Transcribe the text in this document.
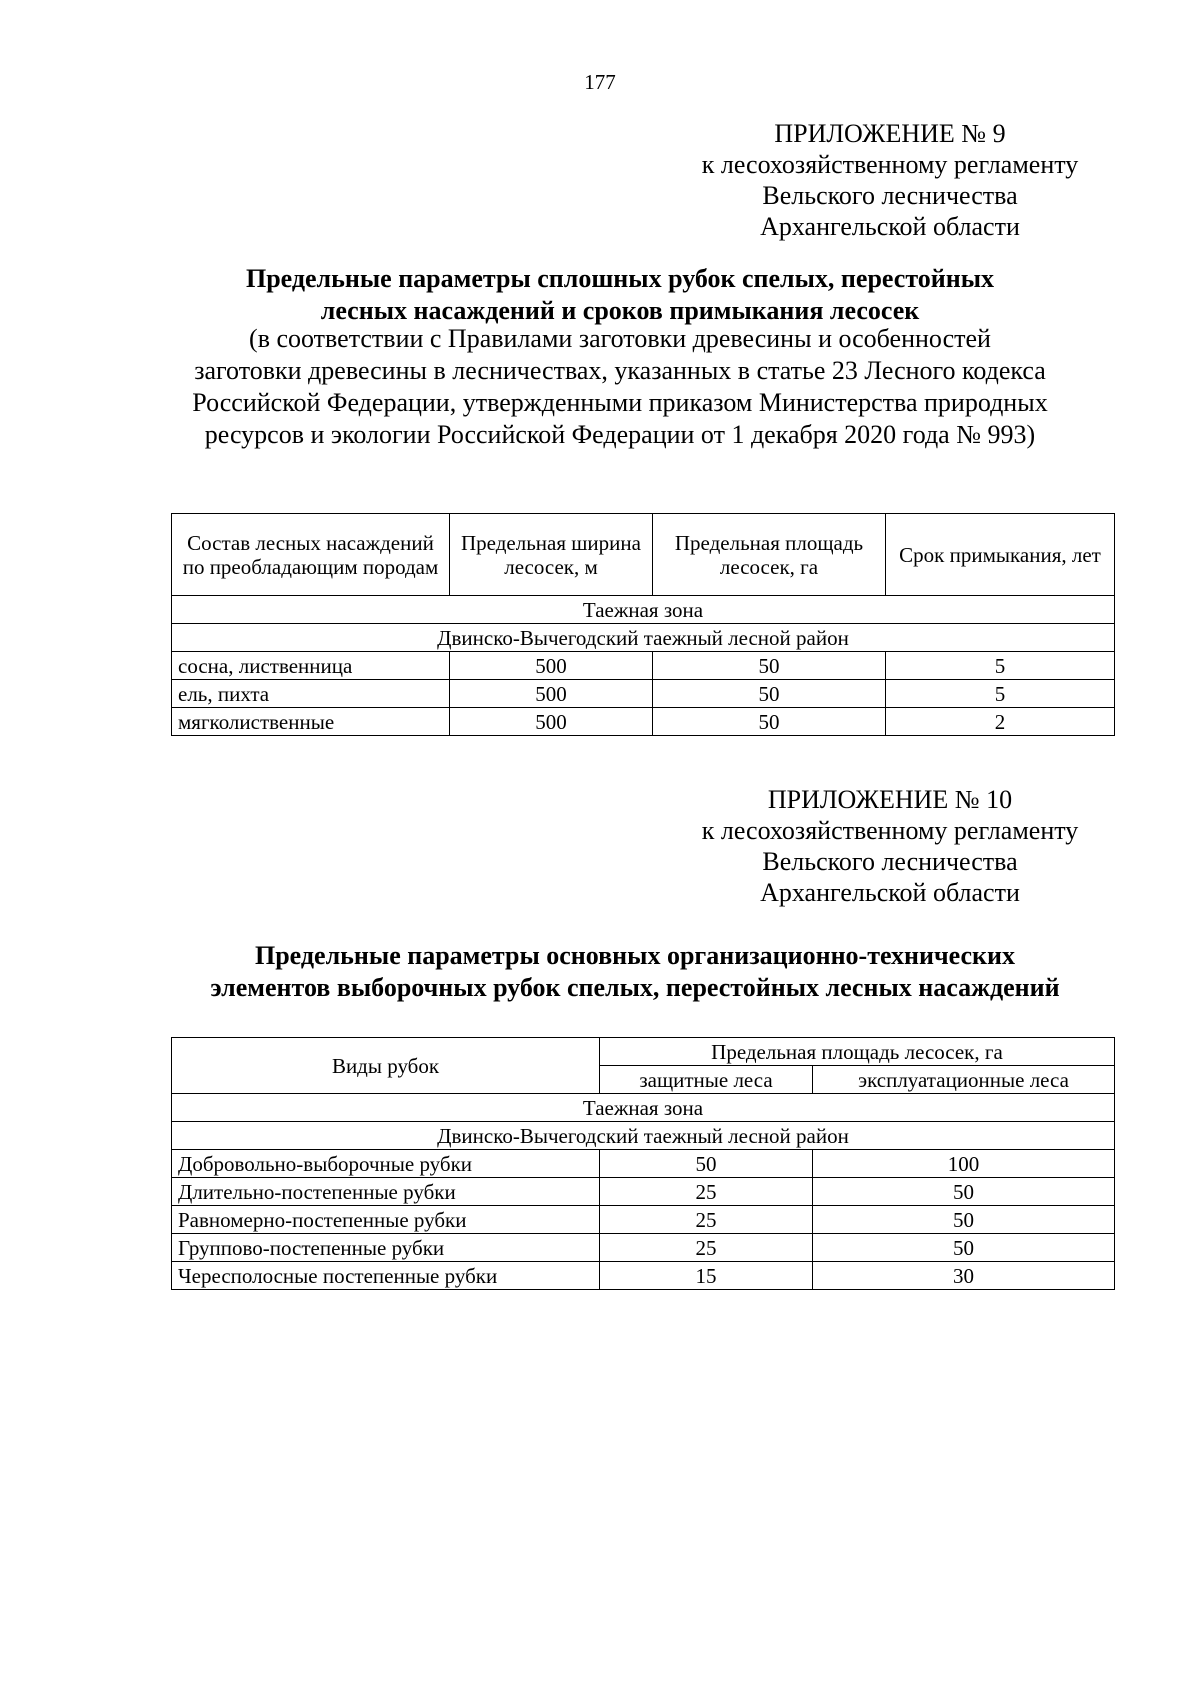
177
ПРИЛОЖЕНИЕ № 9
к лесохозяйственному регламенту
Вельского лесничества
Архангельской области
Предельные параметры сплошных рубок спелых, перестойных
лесных насаждений и сроков примыкания лесосек
(в соответствии с Правилами заготовки древесины и особенностей
заготовки древесины в лесничествах, указанных в статье 23 Лесного кодекса
Российской Федерации, утвержденными приказом Министерства природных
ресурсов и экологии Российской Федерации от 1 декабря 2020 года № 993)
Состав лесных насаждений по преобладающим породам	Предельная ширина лесосек, м	Предельная площадь лесосек, га	Срок примыкания, лет
Таежная зона			
Двинско-Вычегодский таежный лесной район			
сосна, лиственница	500	50	5
ель, пихта	500	50	5
мягколиственные	500	50	2
ПРИЛОЖЕНИЕ № 10
к лесохозяйственному регламенту
Вельского лесничества
Архангельской области
Предельные параметры основных организационно-технических
элементов выборочных рубок спелых, перестойных лесных насаждений
Виды рубок	Предельная площадь лесосек, га	
	защитные леса	эксплуатационные леса
Таежная зона		
Двинско-Вычегодский таежный лесной район		
Добровольно-выборочные рубки	50	100
Длительно-постепенные рубки	25	50
Равномерно-постепенные рубки	25	50
Группово-постепенные рубки	25	50
Чересполосные постепенные рубки	15	30
